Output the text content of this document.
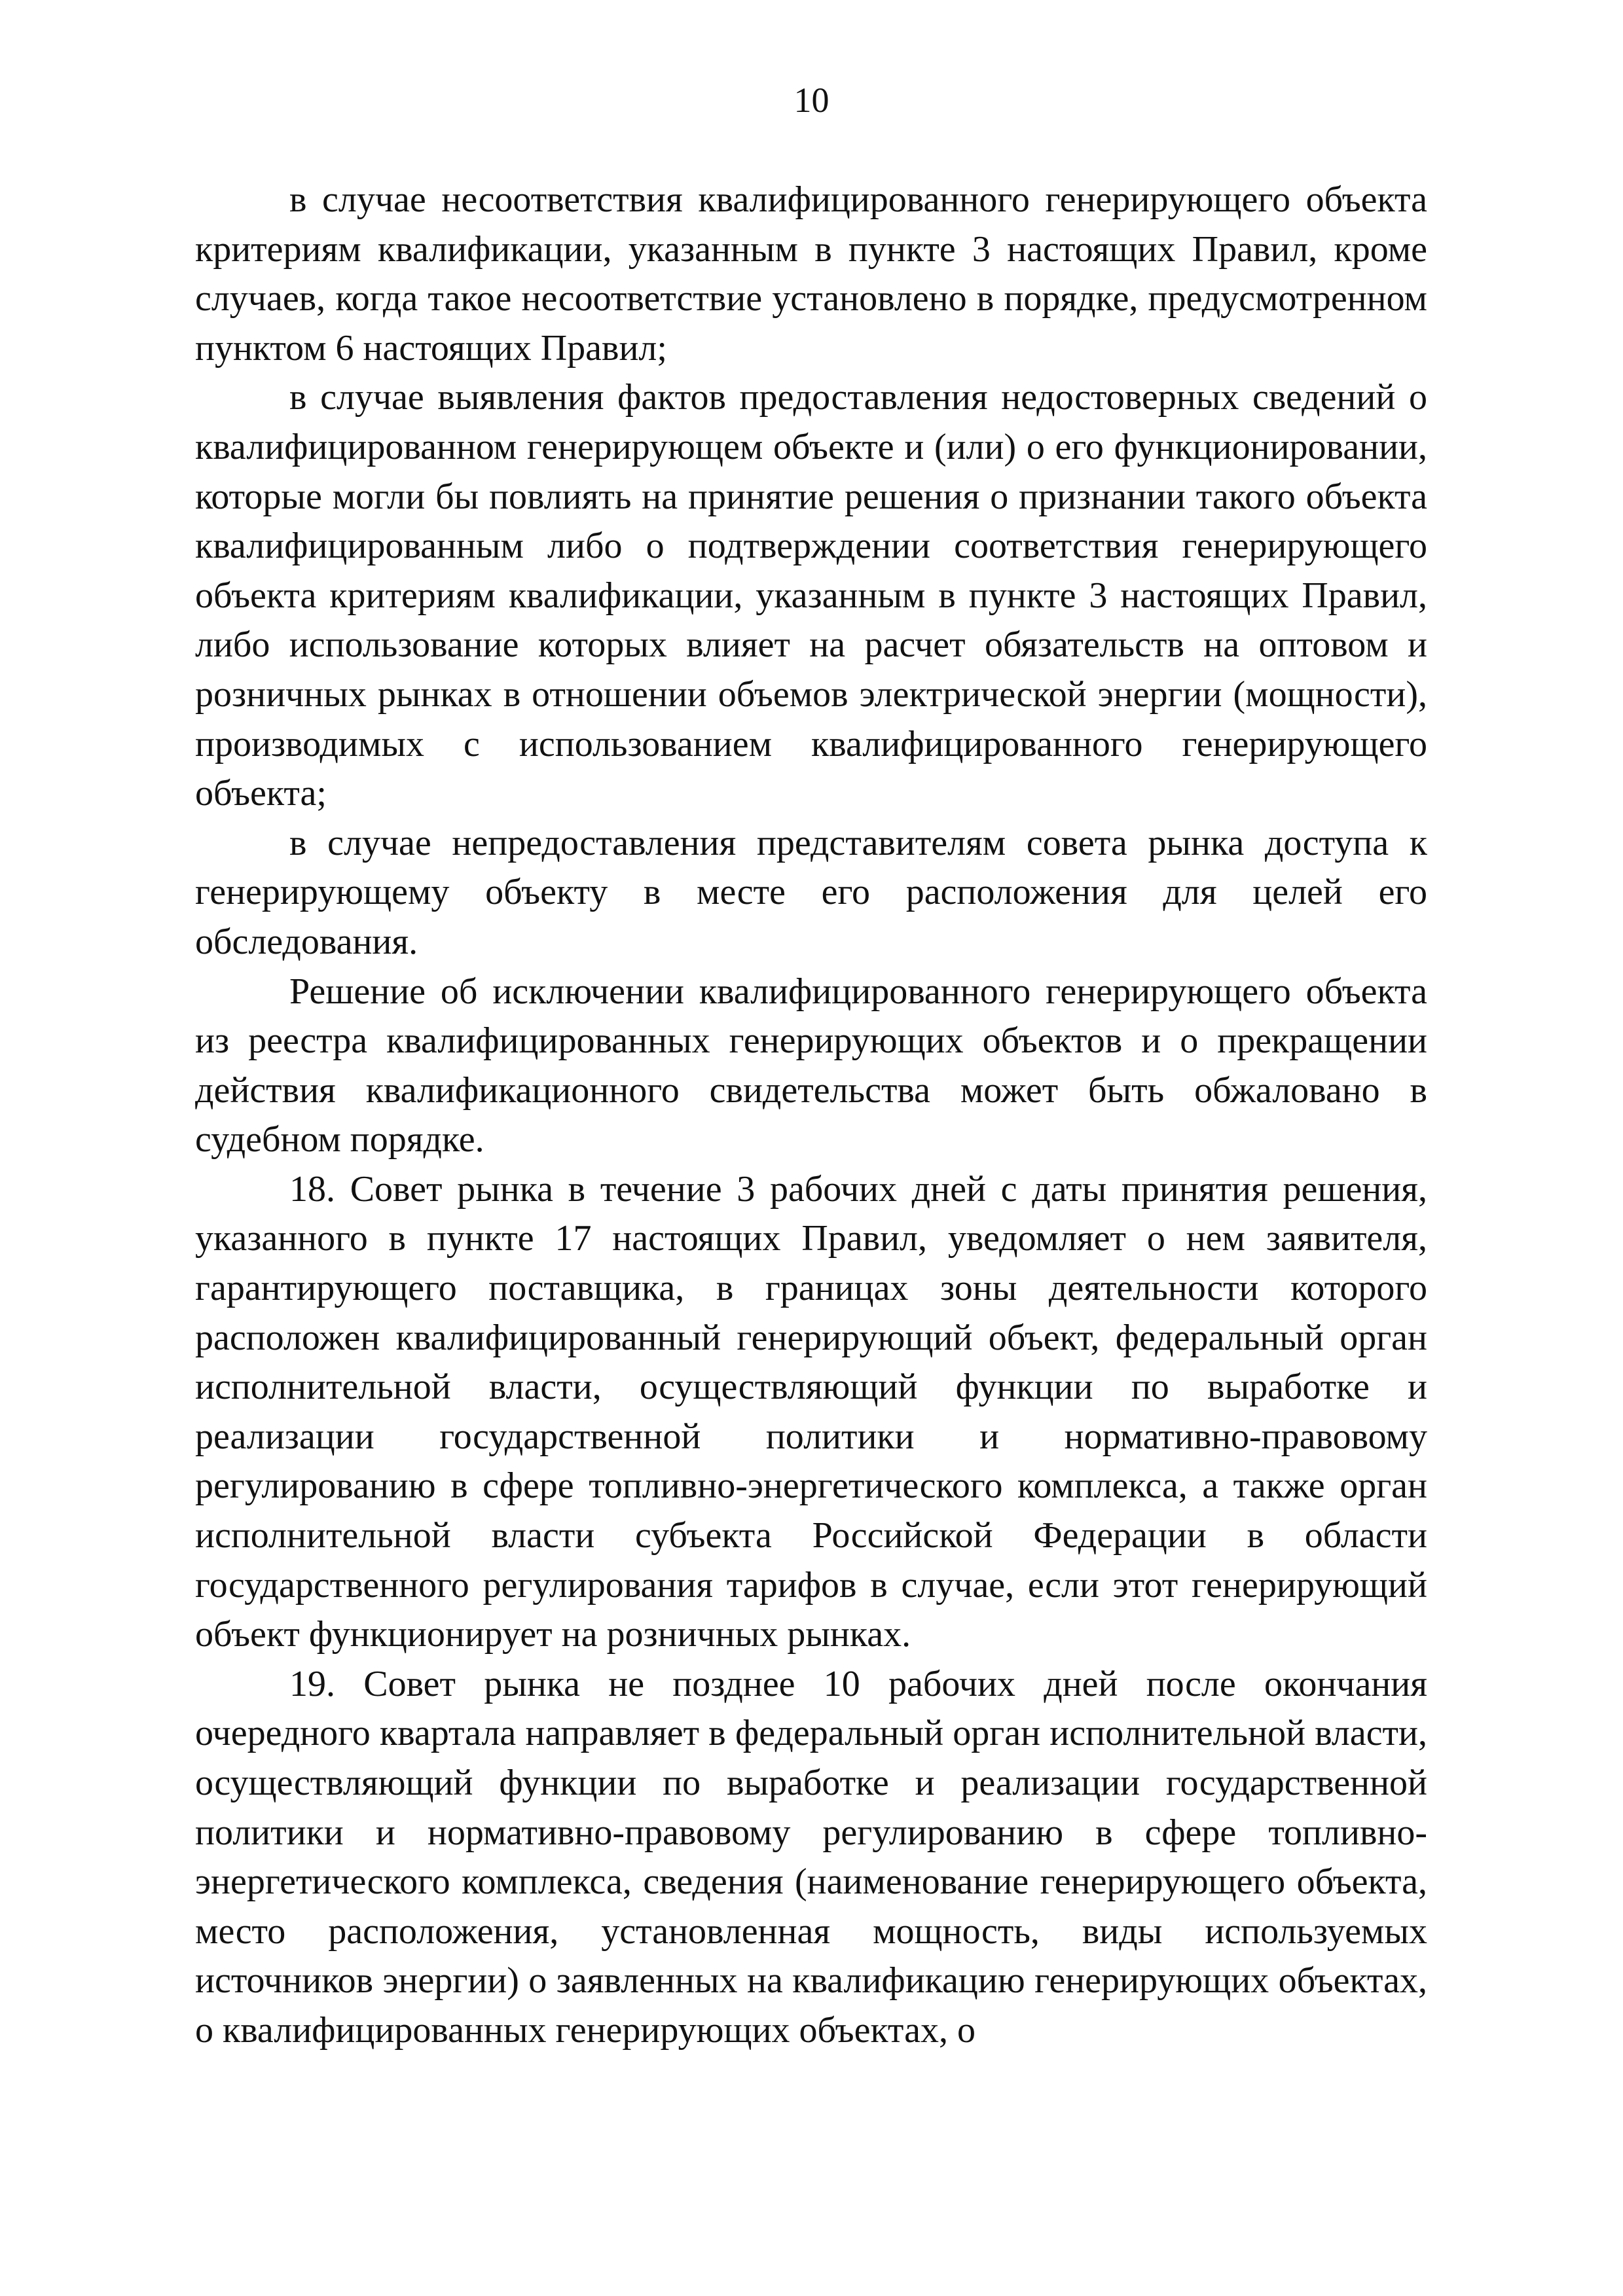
10

в случае несоответствия квалифицированного генерирующего объекта критериям квалификации, указанным в пункте 3 настоящих Правил, кроме случаев, когда такое несоответствие установлено в порядке, предусмотренном пунктом 6 настоящих Правил;

в случае выявления фактов предоставления недостоверных сведений о квалифицированном генерирующем объекте и (или) о его функционировании, которые могли бы повлиять на принятие решения о признании такого объекта квалифицированным либо о подтверждении соответствия генерирующего объекта критериям квалификации, указанным в пункте 3 настоящих Правил, либо использование которых влияет на расчет обязательств на оптовом и розничных рынках в отношении объемов электрической энергии (мощности), производимых с использованием квалифицированного генерирующего объекта;

в случае непредоставления представителям совета рынка доступа к генерирующему объекту в месте его расположения для целей его обследования.

Решение об исключении квалифицированного генерирующего объекта из реестра квалифицированных генерирующих объектов и о прекращении действия квалификационного свидетельства может быть обжаловано в судебном порядке.

18. Совет рынка в течение 3 рабочих дней с даты принятия решения, указанного в пункте 17 настоящих Правил, уведомляет о нем заявителя, гарантирующего поставщика, в границах зоны деятельности которого расположен квалифицированный генерирующий объект, федеральный орган исполнительной власти, осуществляющий функции по выработке и реализации государственной политики и нормативно-правовому регулированию в сфере топливно-энергетического комплекса, а также орган исполнительной власти субъекта Российской Федерации в области государственного регулирования тарифов в случае, если этот генерирующий объект функционирует на розничных рынках.

19. Совет рынка не позднее 10 рабочих дней после окончания очередного квартала направляет в федеральный орган исполнительной власти, осуществляющий функции по выработке и реализации государственной политики и нормативно-правовому регулированию в сфере топливно-энергетического комплекса, сведения (наименование генерирующего объекта, место расположения, установленная мощность, виды используемых источников энергии) о заявленных на квалификацию генерирующих объектах, о квалифицированных генерирующих объектах, о
